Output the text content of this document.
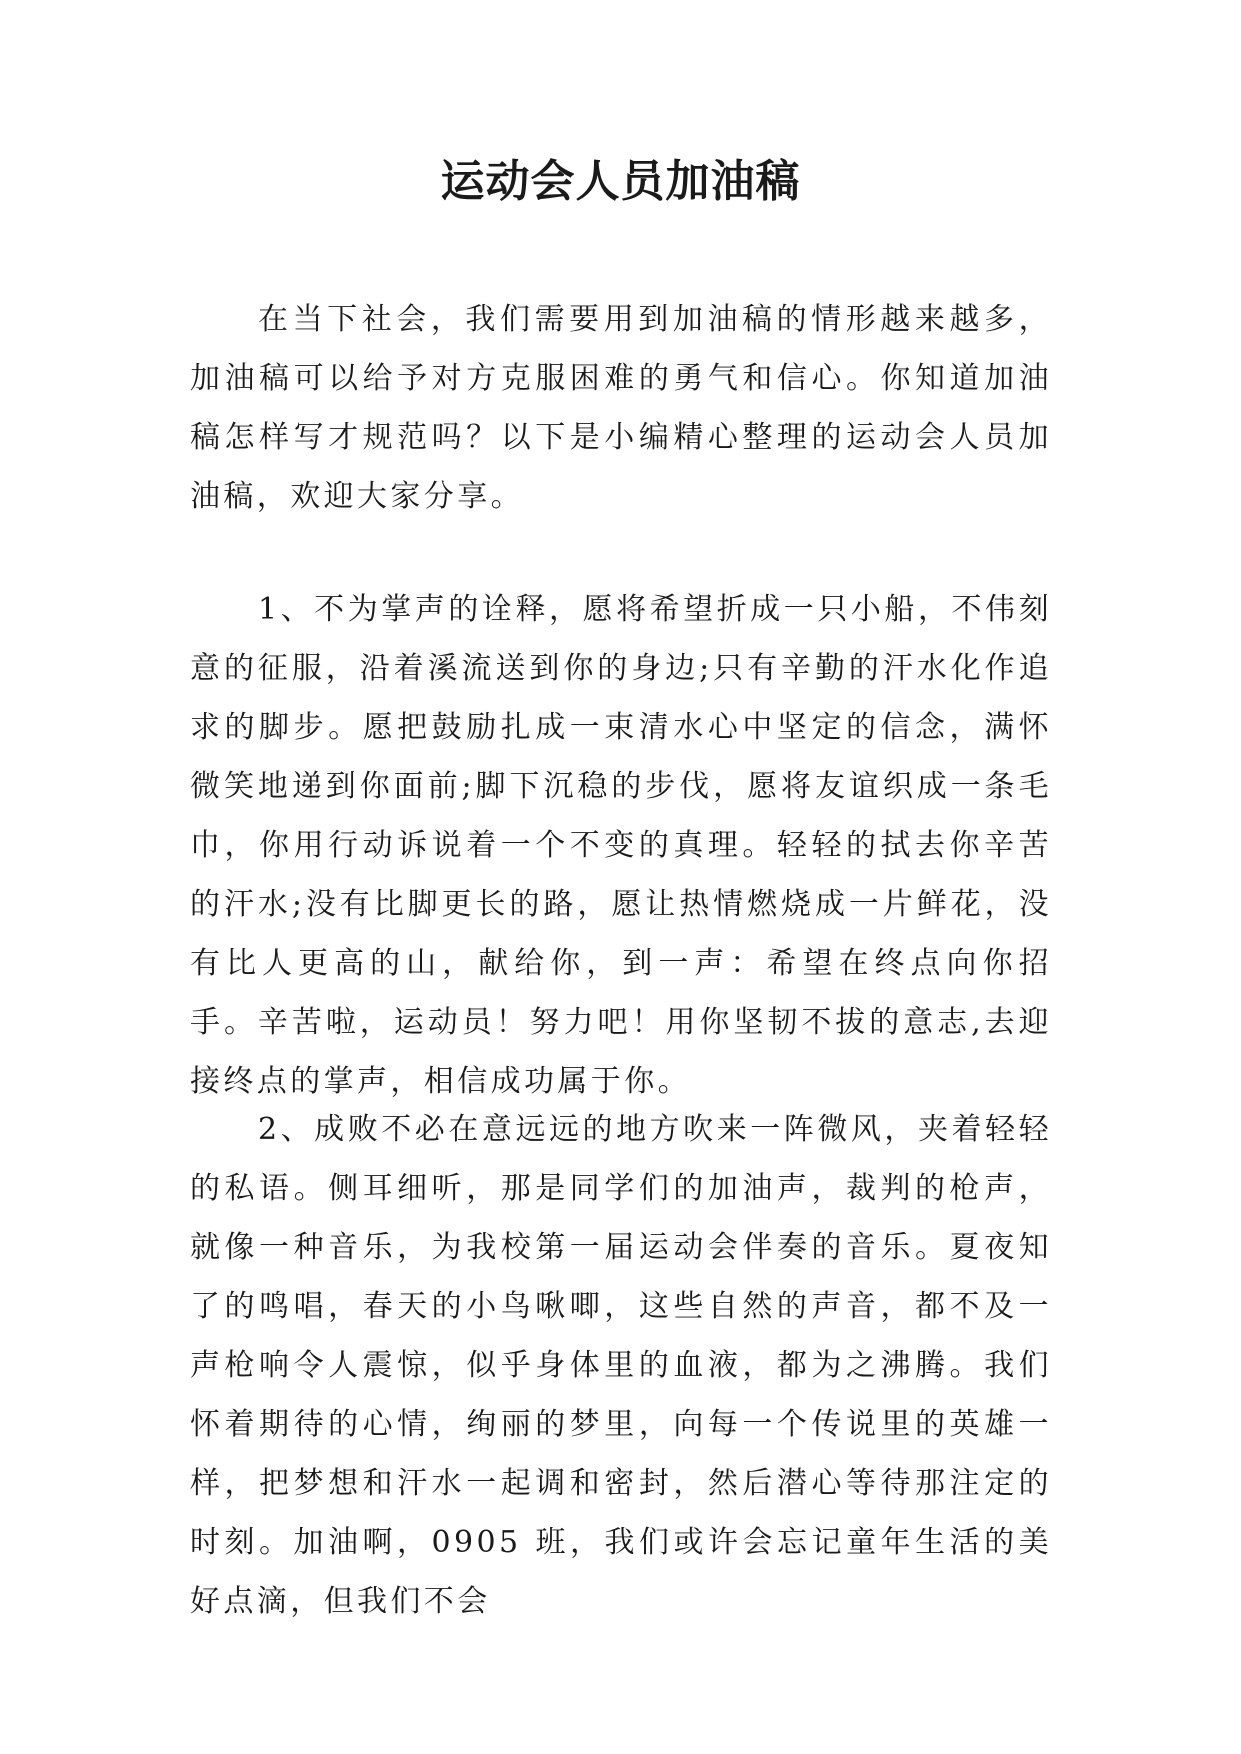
运动会人员加油稿

在当下社会，我们需要用到加油稿的情形越来越多，加油稿可以给予对方克服困难的勇气和信心。你知道加油稿怎样写才规范吗？以下是小编精心整理的运动会人员加油稿，欢迎大家分享。

1、不为掌声的诠释，愿将希望折成一只小船，不伟刻意的征服，沿着溪流送到你的身边;只有辛勤的汗水化作追求的脚步。愿把鼓励扎成一束清水心中坚定的信念，满怀微笑地递到你面前;脚下沉稳的步伐，愿将友谊织成一条毛巾，你用行动诉说着一个不变的真理。轻轻的拭去你辛苦的汗水;没有比脚更长的路，愿让热情燃烧成一片鲜花，没有比人更高的山，献给你，到一声：希望在终点向你招手。辛苦啦，运动员！努力吧！用你坚韧不拔的意志,去迎接终点的掌声，相信成功属于你。

2、成败不必在意远远的地方吹来一阵微风，夹着轻轻的私语。侧耳细听，那是同学们的加油声，裁判的枪声，就像一种音乐，为我校第一届运动会伴奏的音乐。夏夜知了的鸣唱，春天的小鸟啾唧，这些自然的声音，都不及一声枪响令人震惊，似乎身体里的血液，都为之沸腾。我们怀着期待的心情，绚丽的梦里，向每一个传说里的英雄一样，把梦想和汗水一起调和密封，然后潜心等待那注定的时刻。加油啊，0905 班，我们或许会忘记童年生活的美好点滴，但我们不会
